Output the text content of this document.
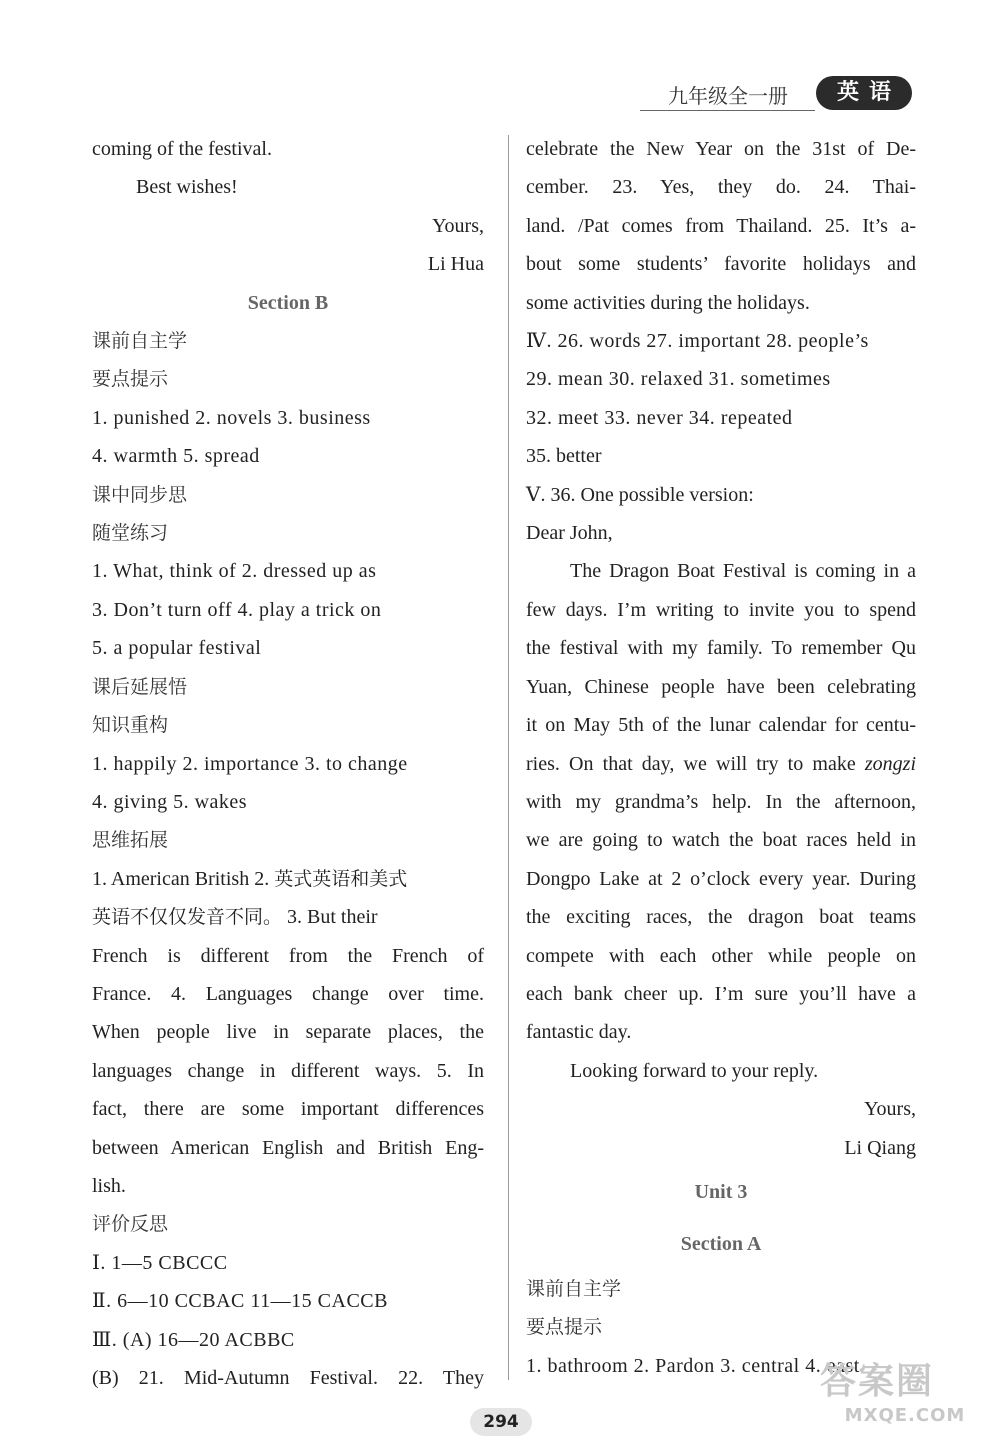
九年级全一册	英语

coming of the festival.

Best wishes!

Yours,

Li Hua

Section B

课前自主学

要点提示

1. punished 2. novels 3. business

4. warmth 5. spread

课中同步思

随堂练习

1. What, think of 2. dressed up as

3. Don’t turn off 4. play a trick on

5. a popular festival

课后延展悟

知识重构

1. happily 2. importance 3. to change

4. giving 5. wakes

思维拓展

1. American British 2. 英式英语和美式

英语不仅仅发音不同。 3. But their

French is different from the French of

France. 4. Languages change over time.

When people live in separate places, the

languages change in different ways. 5. In

fact, there are some important differences

between American English and British Eng-

lish.

评价反思

Ⅰ. 1—5 CBCCC

Ⅱ. 6—10 CCBAC 11—15 CACCB

Ⅲ. (A) 16—20 ACBBC

(B) 21. Mid-Autumn Festival. 22. They

celebrate the New Year on the 31st of De-

cember. 23. Yes, they do. 24. Thai-

land. /Pat comes from Thailand. 25. It’s a-

bout some students’ favorite holidays and

some activities during the holidays.

Ⅳ. 26. words 27. important 28. people’s

29. mean 30. relaxed 31. sometimes

32. meet 33. never 34. repeated

35. better

Ⅴ. 36. One possible version:

Dear John,

The Dragon Boat Festival is coming in a

few days. I’m writing to invite you to spend

the festival with my family. To remember Qu

Yuan, Chinese people have been celebrating

it on May 5th of the lunar calendar for centu-

ries. On that day, we will try to make zongzi

with my grandma’s help. In the afternoon,

we are going to watch the boat races held in

Dongpo Lake at 2 o’clock every year. During

the exciting races, the dragon boat teams

compete with each other while people on

each bank cheer up. I’m sure you’ll have a

fantastic day.

Looking forward to your reply.

Yours,

Li Qiang

Unit 3

Section A

课前自主学

要点提示

1. bathroom 2. Pardon 3. central 4. east

294
答案圈
MXQE.COM
